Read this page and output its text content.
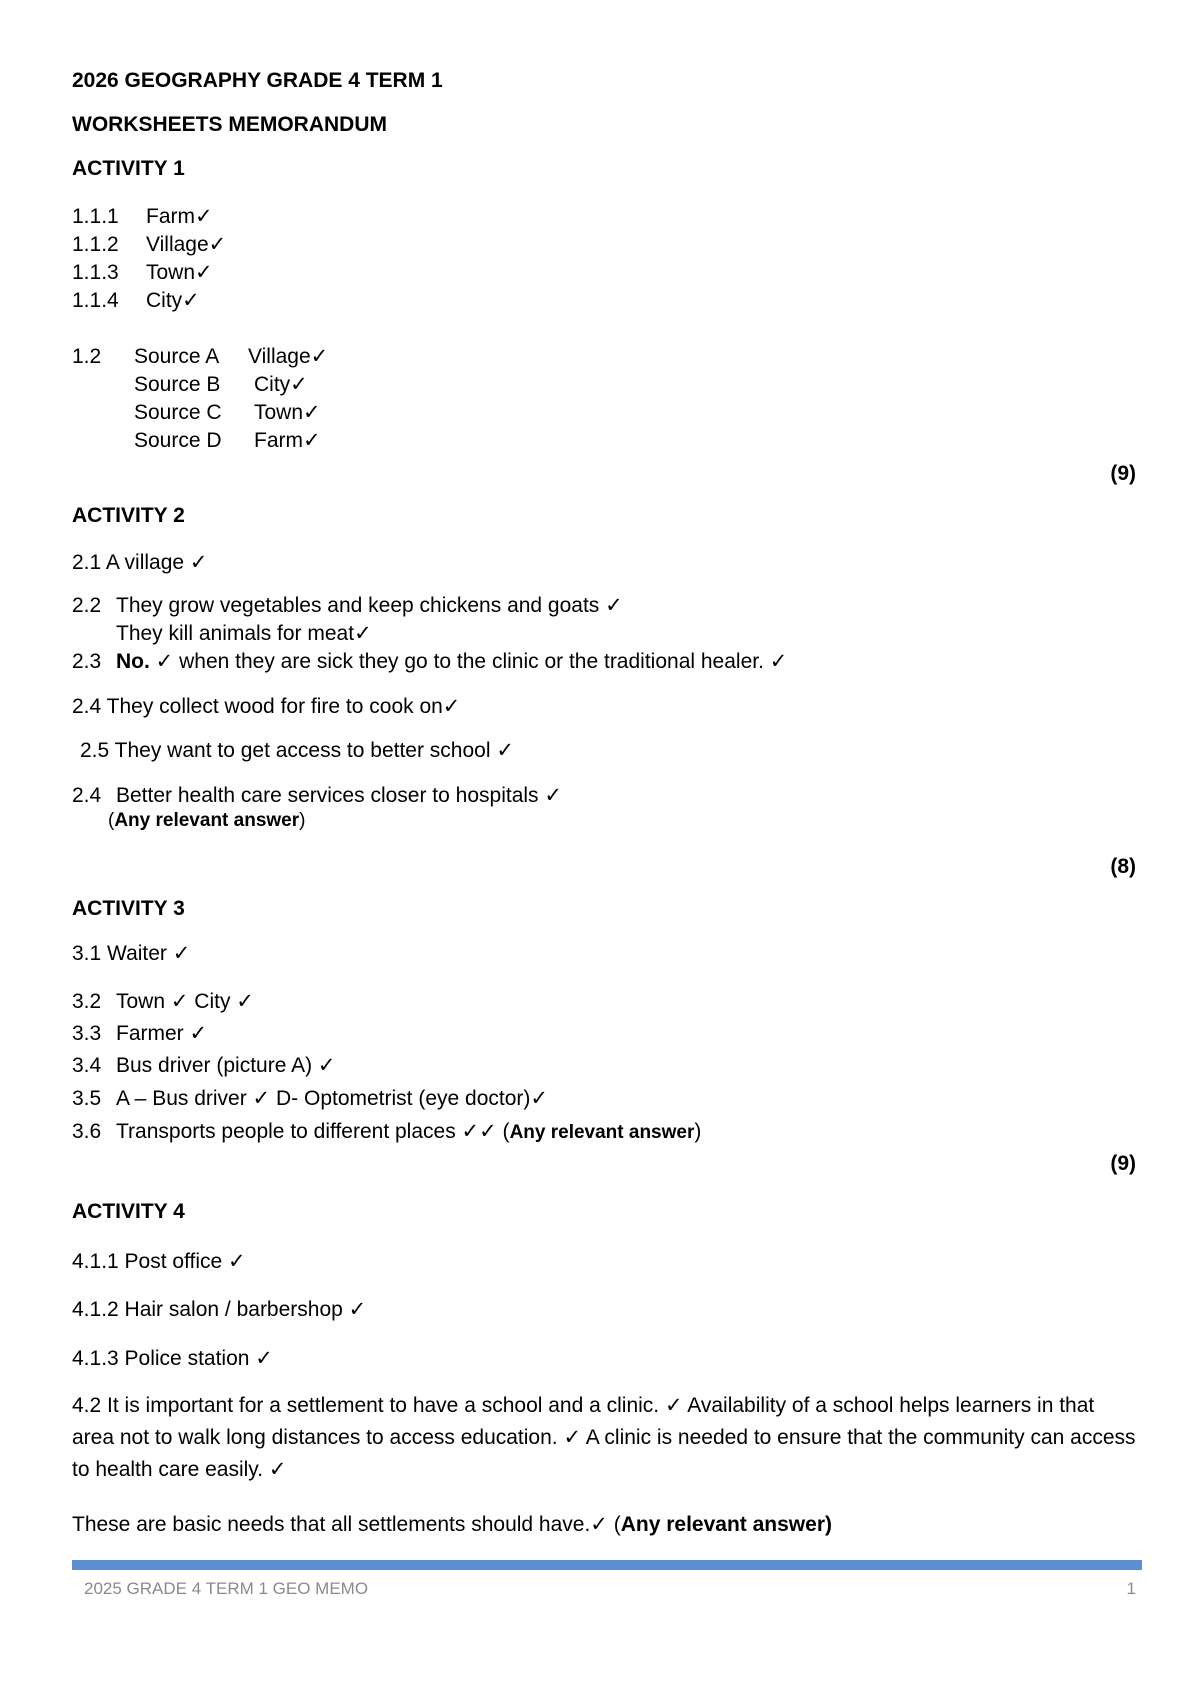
2026 GEOGRAPHY GRADE 4 TERM 1
WORKSHEETS MEMORANDUM
ACTIVITY 1
1.1.1 Farm✓
1.1.2 Village✓
1.1.3 Town✓
1.1.4 City✓
1.2 Source A Village✓
Source B City✓
Source C Town✓
Source D Farm✓
(9)
ACTIVITY 2
2.1 A village ✓
2.2 They grow vegetables and keep chickens and goats ✓
They kill animals for meat✓
2.3 No. ✓ when they are sick they go to the clinic or the traditional healer. ✓
2.4 They collect wood for fire to cook on✓
2.5 They want to get access to better school ✓
2.4 Better health care services closer to hospitals ✓
(Any relevant answer)
(8)
ACTIVITY 3
3.1 Waiter ✓
3.2 Town ✓ City ✓
3.3 Farmer ✓
3.4 Bus driver (picture A) ✓
3.5 A – Bus driver ✓ D- Optometrist (eye doctor)✓
3.6 Transports people to different places ✓✓ (Any relevant answer)
(9)
ACTIVITY 4
4.1.1 Post office ✓
4.1.2 Hair salon / barbershop ✓
4.1.3 Police station ✓
4.2 It is important for a settlement to have a school and a clinic. ✓ Availability of a school helps learners in that area not to walk long distances to access education. ✓ A clinic is needed to ensure that the community can access to health care easily. ✓
These are basic needs that all settlements should have.✓ (Any relevant answer)
2025 GRADE 4 TERM 1 GEO MEMO	1
